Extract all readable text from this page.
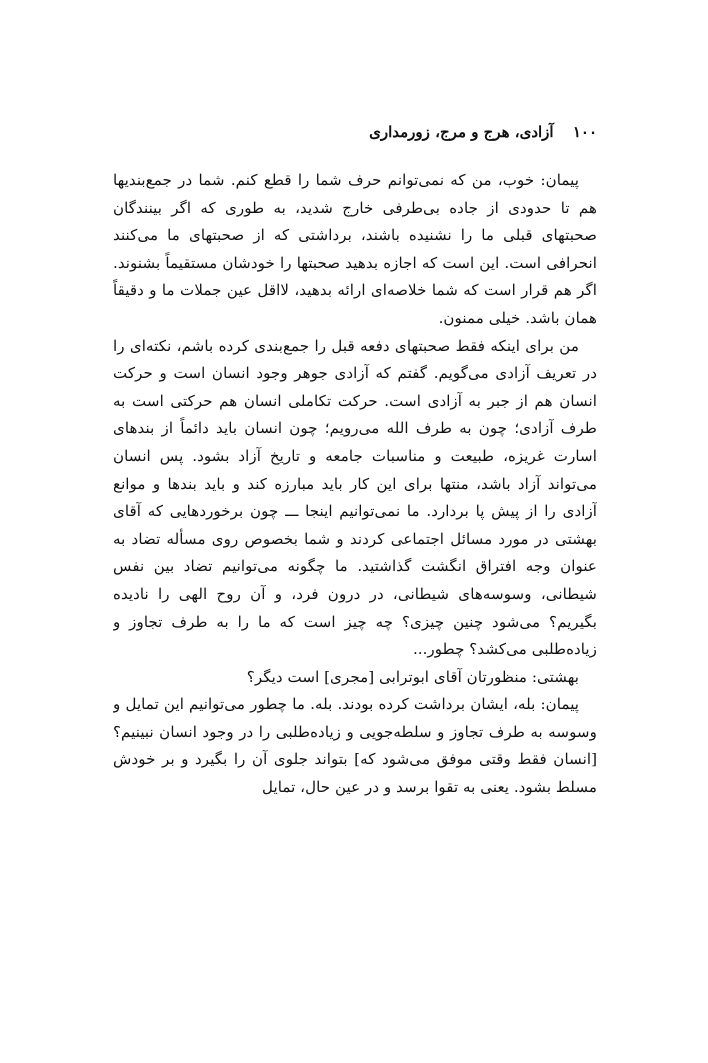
۱۰۰ آزادی، هرج و مرج، زورمداری

پیمان: خوب، من که نمی‌توانم حرف شما را قطع کنم. شما در جمع‌بندیها هم تا حدودی از جاده بی‌طرفی خارج شدید، به طوری که اگر بینندگان صحبتهای قبلی ما را نشنیده باشند، برداشتی که از صحبتهای ما می‌کنند انحرافی است. این است که اجازه بدهید صحبتها را خودشان مستقیماً بشنوند. اگر هم قرار است که شما خلاصه‌ای ارائه بدهید، لااقل عین جملات ما و دقیقاً همان باشد. خیلی ممنون.

من برای اینکه فقط صحبتهای دفعه قبل را جمع‌بندی کرده باشم، نکته‌ای را در تعریف آزادی می‌گویم. گفتم که آزادی جوهر وجود انسان است و حرکت انسان هم از جبر به آزادی است. حرکت تکاملی انسان هم حرکتی است به طرف آزادی؛ چون به طرف الله می‌رویم؛ چون انسان باید دائماً از بندهای اسارت غریزه، طبیعت و مناسبات جامعه و تاریخ آزاد بشود. پس انسان می‌تواند آزاد باشد، منتها برای این کار باید مبارزه کند و باید بندها و موانع آزادی را از پیش پا بردارد. ما نمی‌توانیم اینجا ـــ چون برخوردهایی که آقای بهشتی در مورد مسائل اجتماعی کردند و شما بخصوص روی مسأله تضاد به عنوان وجه افتراق انگشت گذاشتید. ما چگونه می‌توانیم تضاد بین نفس شیطانی، وسوسه‌های شیطانی، در درون فرد، و آن روح الهی را نادیده بگیریم؟ می‌شود چنین چیزی؟ چه چیز است که ما را به طرف تجاوز و زیاده‌طلبی می‌کشد؟ چطور...

بهشتی: منظورتان آقای ابوترابی [مجری] است دیگر؟

پیمان: بله، ایشان برداشت کرده بودند. بله. ما چطور می‌توانیم این تمایل و وسوسه به طرف تجاوز و سلطه‌جویی و زیاده‌طلبی را در وجود انسان نبینیم؟ [انسان فقط وقتی موفق می‌شود که] بتواند جلوی آن را بگیرد و بر خودش مسلط بشود. یعنی به تقوا برسد و در عین حال، تمایل
